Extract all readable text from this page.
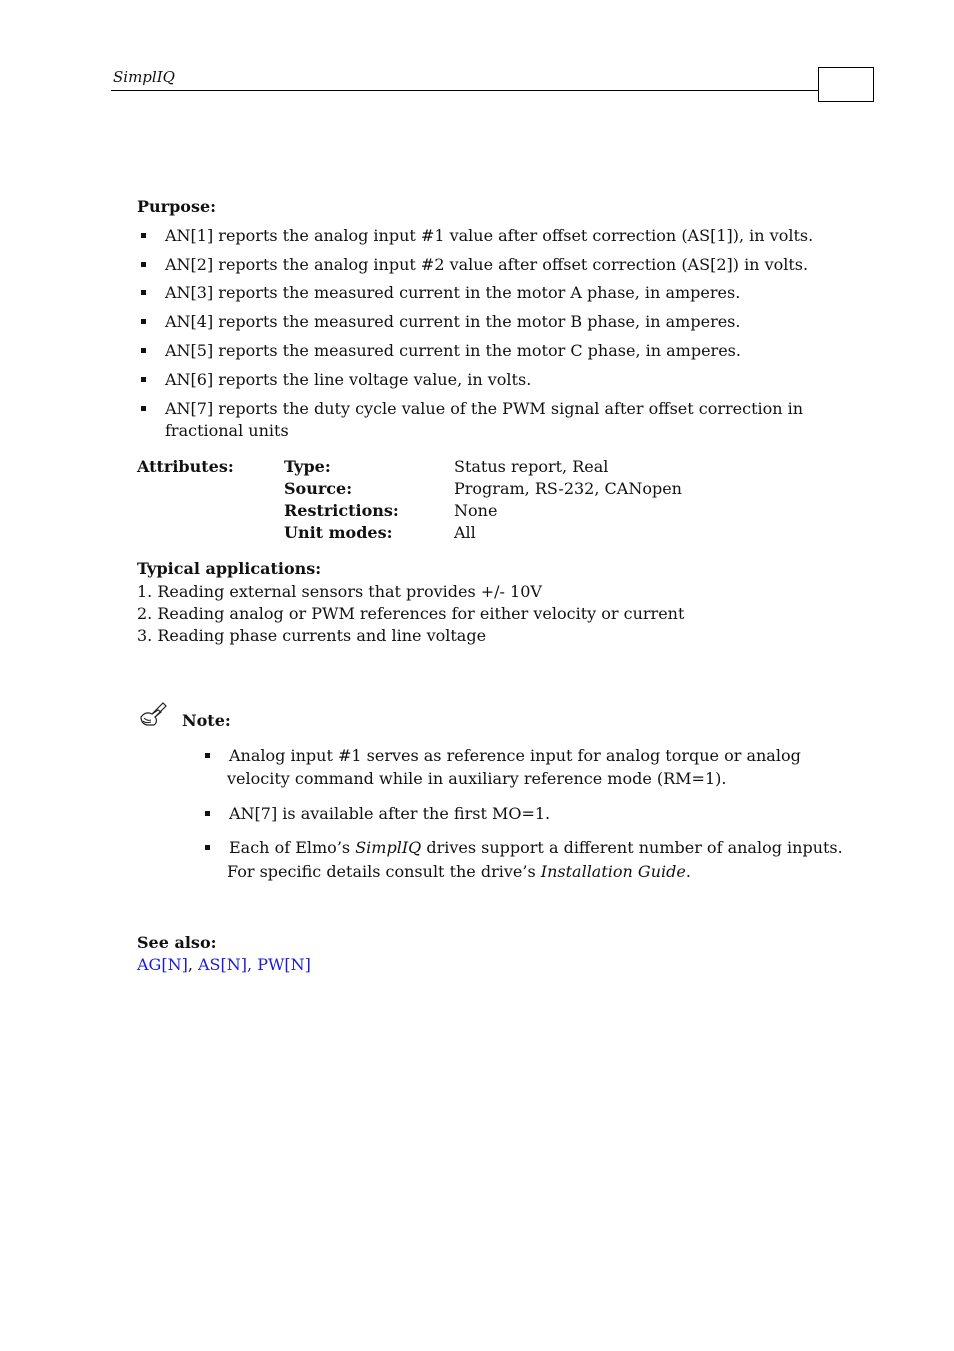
SimplIQ
Purpose:
AN[1] reports the analog input #1 value after offset correction (AS[1]), in volts.
AN[2] reports the analog input #2 value after offset correction (AS[2]) in volts.
AN[3] reports the measured current in the motor A phase, in amperes.
AN[4] reports the measured current in the motor B phase, in amperes.
AN[5] reports the measured current in the motor C phase, in amperes.
AN[6] reports the line voltage value, in volts.
AN[7] reports the duty cycle value of the PWM signal after offset correction in
fractional units
Attributes:	Type:	Status report, Real
Source:	Program, RS-232, CANopen
Restrictions:	None
Unit modes:	All
Typical applications:
1. Reading external sensors that provides +/- 10V
2. Reading analog or PWM references for either velocity or current
3. Reading phase currents and line voltage
Note:
Analog input #1 serves as reference input for analog torque or analog
velocity command while in auxiliary reference mode (RM=1).
AN[7] is available after the first MO=1.
Each of Elmo’s SimplIQ drives support a different number of analog inputs.
For specific details consult the drive’s Installation Guide.
See also:
AG[N], AS[N], PW[N]
